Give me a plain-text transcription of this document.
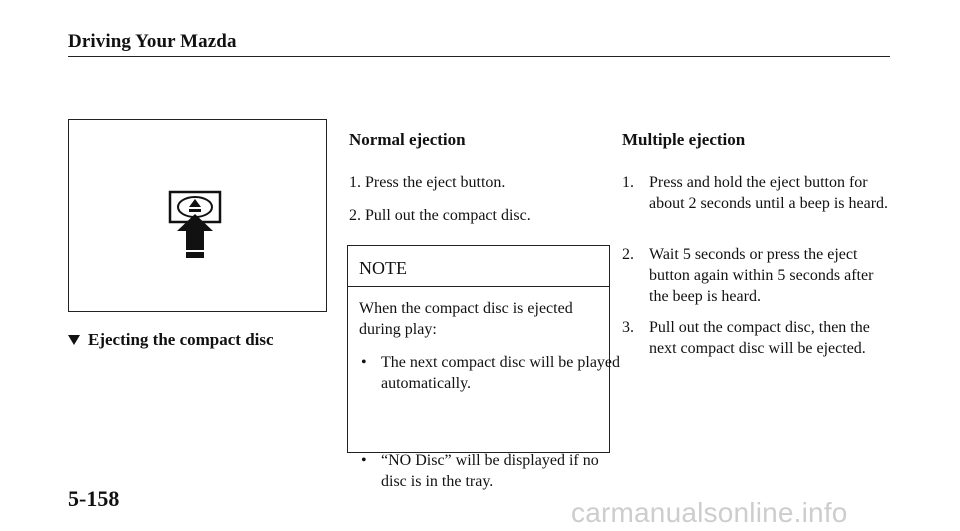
Driving Your Mazda
Ejecting the compact disc
Normal ejection
1. Press the eject button.
2. Pull out the compact disc.
NOTE
When the compact disc is ejected during play:
• The next compact disc will be played automatically.
• “NO Disc” will be displayed if no disc is in the tray.
Multiple ejection
1. Press and hold the eject button for about 2 seconds until a beep is heard.
2. Wait 5 seconds or press the eject button again within 5 seconds after the beep is heard.
3. Pull out the compact disc, then the next compact disc will be ejected.
5-158	carmanualsonline.info
